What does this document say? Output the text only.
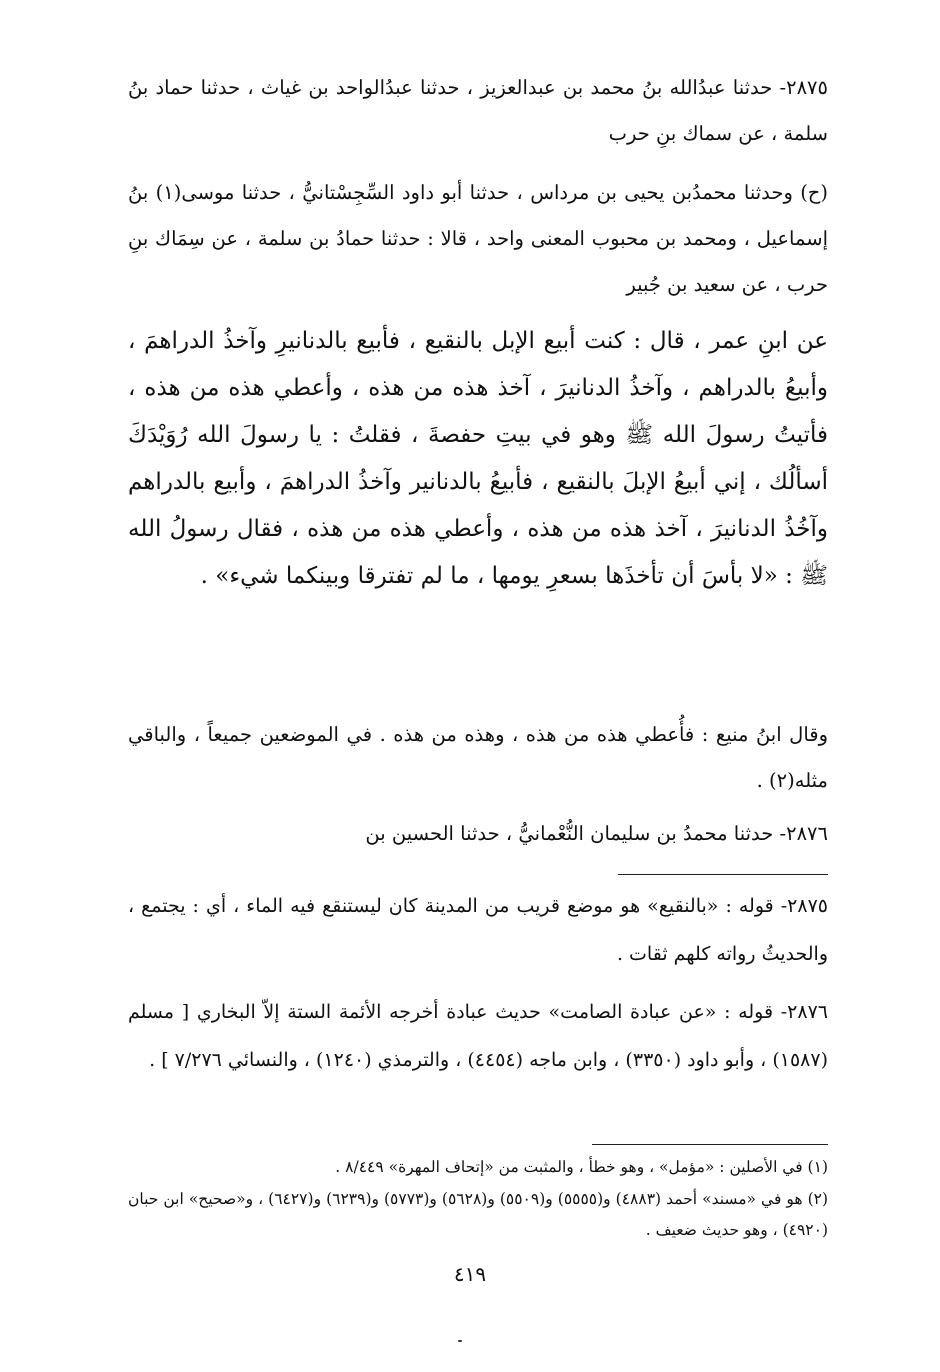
٢٨٧٥- حدثنا عبدُالله بنُ محمد بن عبدالعزيز ، حدثنا عبدُالواحد بن غياث ، حدثنا حماد بنُ سلمة ، عن سماك بنِ حرب

(ح) وحدثنا محمدُبن يحيى بن مرداس ، حدثنا أبو داود السِّجِسْتانيُّ ، حدثنا موسى(١) بنُ إسماعيل ، ومحمد بن محبوب المعنى واحد ، قالا : حدثنا حمادُ بن سلمة ، عن سِمَاك بنِ حرب ، عن سعيد بن جُبير

عن ابنِ عمر ، قال : كنت أبيع الإبل بالنقيع ، فأبيع بالدنانيرِ وآخذُ الدراهمَ ، وأبيعُ بالدراهم ، وآخذُ الدنانيرَ ، آخذ هذه من هذه ، وأعطي هذه من هذه ، فأتيتُ رسولَ الله ﷺ وهو في بيتِ حفصةَ ، فقلتُ : يا رسولَ الله رُوَيْدَكَ أسألُك ، إني أبيعُ الإبلَ بالنقيع ، فأبيعُ بالدنانير وآخذُ الدراهمَ ، وأبيع بالدراهم وآخُذُ الدنانيرَ ، آخذ هذه من هذه ، وأعطي هذه من هذه ، فقال رسولُ الله ﷺ : «لا بأسَ أن تأخذَها بسعرِ يومها ، ما لم تفترقا وبينكما شيء» .

وقال ابنُ منيع : فأُعطي هذه من هذه ، وهذه من هذه . في الموضعين جميعاً ، والباقي مثله(٢) .

٢٨٧٦- حدثنا محمدُ بن سليمان النُّعْمانيُّ ، حدثنا الحسين بن

٢٨٧٥- قوله : «بالنقيع» هو موضع قريب من المدينة كان ليستنقع فيه الماء ، أي : يجتمع ، والحديثُ رواته كلهم ثقات .

٢٨٧٦- قوله : «عن عبادة الصامت» حديث عبادة أخرجه الأئمة الستة إلاّ البخاري [ مسلم (١٥٨٧) ، وأبو داود (٣٣٥٠) ، وابن ماجه (٤٤٥٤) ، والترمذي (١٢٤٠) ، والنسائي ٧/٢٧٦ ] .

(١) في الأصلين : «مؤمل» ، وهو خطأ ، والمثبت من «إتحاف المهرة» ٨/٤٤٩ .

(٢) هو في «مسند» أحمد (٤٨٨٣) و(٥٥٥٥) و(٥٥٠٩) و(٥٦٢٨) و(٥٧٧٣) و(٦٢٣٩) و(٦٤٢٧) ، و«صحيح» ابن حبان (٤٩٢٠) ، وهو حديث ضعيف .

٤١٩
